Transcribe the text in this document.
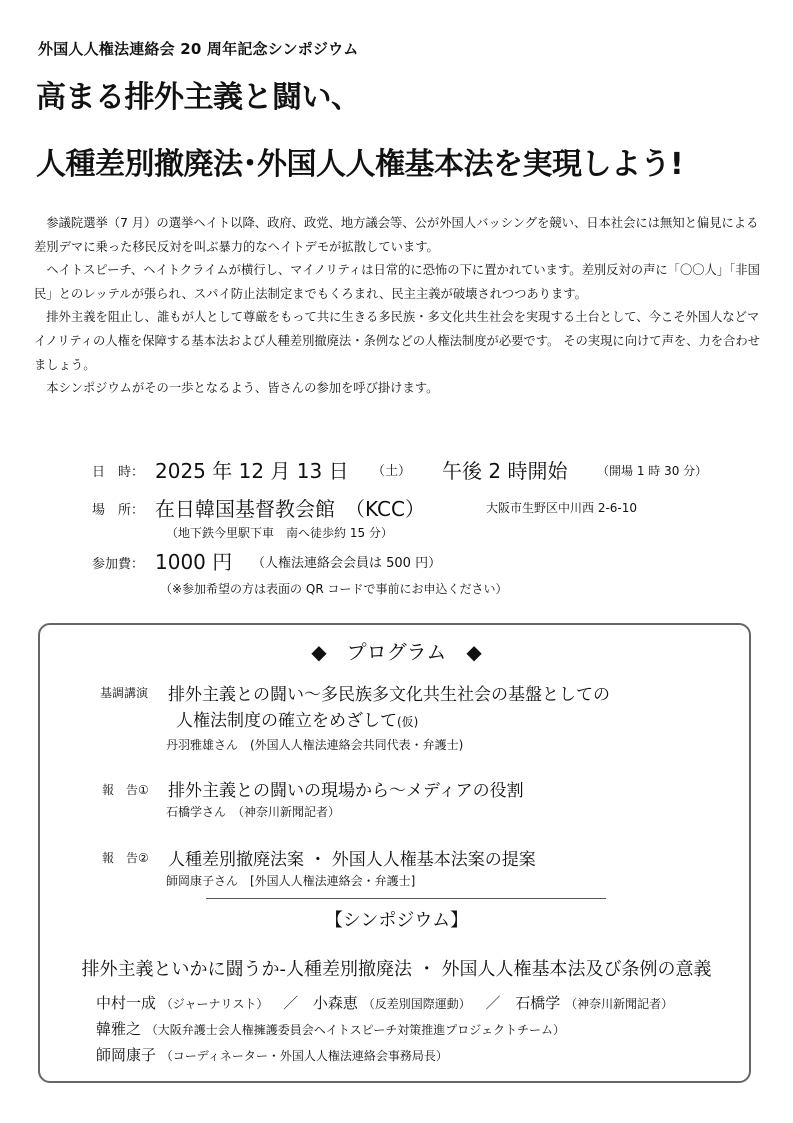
外国人人権法連絡会 20 周年記念シンポジウム
高まる排外主義と闘い、
人種差別撤廃法･外国人人権基本法を実現しよう!

参議院選挙（7 月）の選挙ヘイト以降、政府、政党、地方議会等、公が外国人バッシングを競い、日本社会には無知と偏見による差別デマに乗った移民反対を叫ぶ暴力的なヘイトデモが拡散しています。

ヘイトスピーチ、ヘイトクライムが横行し、マイノリティは日常的に恐怖の下に置かれています。差別反対の声に「〇〇人」「非国民」とのレッテルが張られ、スパイ防止法制定までもくろまれ、民主主義が破壊されつつあります。

排外主義を阻止し、誰もが人として尊厳をもって共に生きる多民族・多文化共生社会を実現する土台として、今こそ外国人などマイノリティの人権を保障する基本法および人種差別撤廃法・条例などの人権法制度が必要です。 その実現に向けて声を、力を合わせましょう。

本シンポジウムがその一歩となるよう、皆さんの参加を呼び掛けます。

日　時： 2025 年 12 月 13 日 （土） 午後 2 時開始 （開場 1 時 30 分）
場　所： 在日韓国基督教会館　（KCC）	大阪市生野区中川西 2-6-10
（地下鉄今里駅下車　南へ徒歩約 15 分）
参加費： 1000 円 （人権法連絡会会員は 500 円）
（※参加希望の方は表面の QR コードで事前にお申込ください）
◆　プログラム　◆
基調講演 排外主義との闘い～多民族多文化共生社会の基盤としての
人権法制度の確立をめざして(仮)
丹羽雅雄さん　(外国人人権法連絡会共同代表・弁護士)
報　告① 排外主義との闘いの現場から～メディアの役割
石橋学さん　（神奈川新聞記者）
報　告② 人種差別撤廃法案 ・ 外国人人権基本法案の提案
師岡康子さん　[外国人人権法連絡会・弁護士]
【シンポジウム】
排外主義といかに闘うか-人種差別撤廃法 ・ 外国人人権基本法及び条例の意義
中村一成 （ジャーナリスト） ／ 小森恵 （反差別国際運動） ／ 石橋学 （神奈川新聞記者）
韓雅之 （大阪弁護士会人権擁護委員会ヘイトスピーチ対策推進プロジェクトチーム）
師岡康子 （コーディネーター・外国人人権法連絡会事務局長）
